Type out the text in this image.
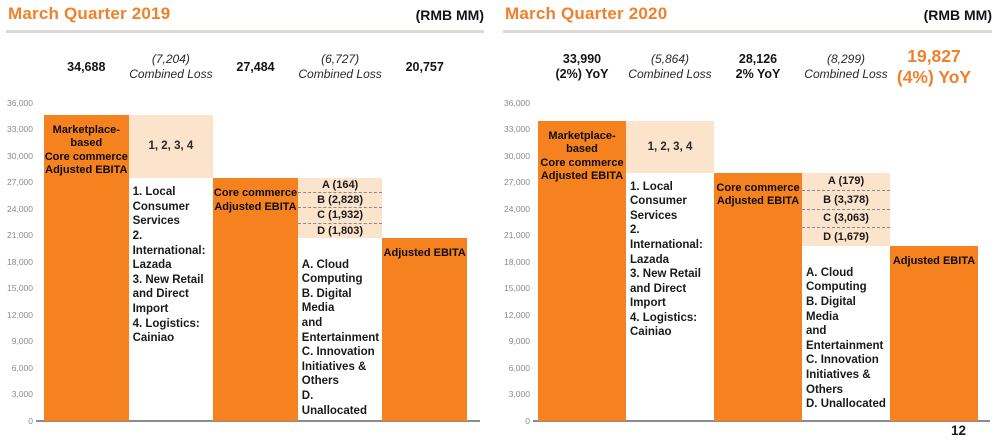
March Quarter 2019	(RMB MM)
36,000
33,000
30,000
27,000
24,000
21,000
18,000
15,000
12,000
9,000
6,000
3,000
0
34,688
Marketplace-
based
Core commerce
Adjusted EBITA
(7,204)
Combined Loss
1, 2, 3, 4
1. Local
Consumer
Services
2. International:
Lazada
3. New Retail
and Direct
Import
4. Logistics:
Cainiao
27,484
Core commerce
Adjusted EBITA
(6,727)
Combined Loss
A (164)
B (2,828)
C (1,932)
D (1,803)
A. Cloud
Computing
B. Digital Media
and
Entertainment
C. Innovation
Initiatives &
Others
D. Unallocated
20,757
Adjusted EBITA
March Quarter 2020	(RMB MM)
36,000
33,000
30,000
27,000
24,000
21,000
18,000
15,000
12,000
9,000
6,000
3,000
0
33,990
(2%) YoY
Marketplace-
based
Core commerce
Adjusted EBITA
(5,864)
Combined Loss
1, 2, 3, 4
1. Local
Consumer
Services
2. International:
Lazada
3. New Retail
and Direct
Import
4. Logistics:
Cainiao
28,126
2% YoY
Core commerce
Adjusted EBITA
(8,299)
Combined Loss
A (179)
B (3,378)
C (3,063)
D (1,679)
A. Cloud
Computing
B. Digital Media
and
Entertainment
C. Innovation
Initiatives &
Others
D. Unallocated
19,827
(4%) YoY
Adjusted EBITA
12
